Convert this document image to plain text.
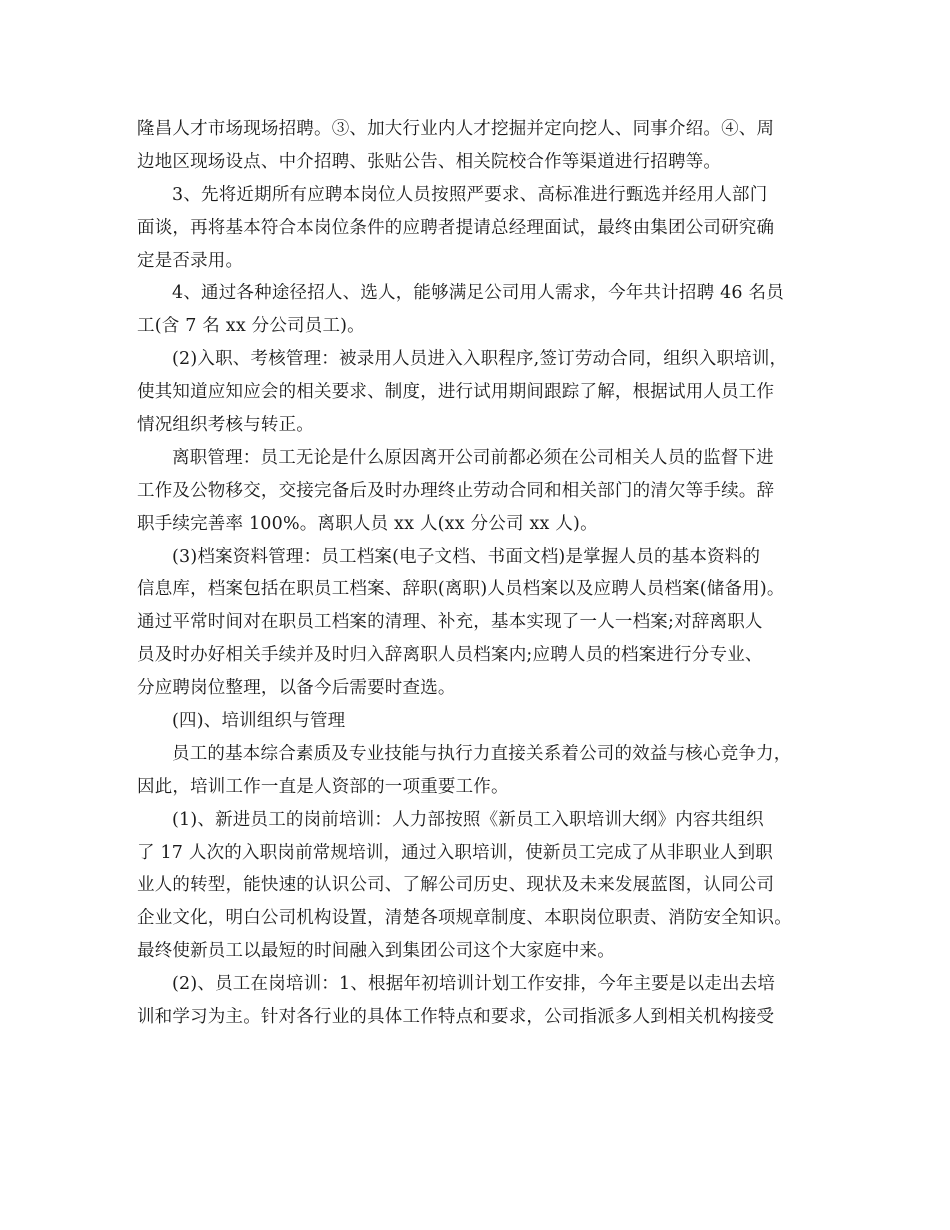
隆昌人才市场现场招聘。③、加大行业内人才挖掘并定向挖人、同事介绍。④、周
边地区现场设点、中介招聘、张贴公告、相关院校合作等渠道进行招聘等。
3、先将近期所有应聘本岗位人员按照严要求、高标准进行甄选并经用人部门
面谈，再将基本符合本岗位条件的应聘者提请总经理面试，最终由集团公司研究确
定是否录用。
4、通过各种途径招人、选人，能够满足公司用人需求，今年共计招聘 46 名员
工(含 7 名 xx 分公司员工)。
(2)入职、考核管理：被录用人员进入入职程序,签订劳动合同，组织入职培训，
使其知道应知应会的相关要求、制度，进行试用期间跟踪了解，根据试用人员工作
情况组织考核与转正。
离职管理：员工无论是什么原因离开公司前都必须在公司相关人员的监督下进
工作及公物移交，交接完备后及时办理终止劳动合同和相关部门的清欠等手续。辞
职手续完善率 100%。离职人员 xx 人(xx 分公司 xx 人)。
(3)档案资料管理：员工档案(电子文档、书面文档)是掌握人员的基本资料的
信息库，档案包括在职员工档案、辞职(离职)人员档案以及应聘人员档案(储备用)。
通过平常时间对在职员工档案的清理、补充，基本实现了一人一档案;对辞离职人
员及时办好相关手续并及时归入辞离职人员档案内;应聘人员的档案进行分专业、
分应聘岗位整理，以备今后需要时查选。
(四)、培训组织与管理
员工的基本综合素质及专业技能与执行力直接关系着公司的效益与核心竞争力，
因此，培训工作一直是人资部的一项重要工作。
(1)、新进员工的岗前培训：人力部按照《新员工入职培训大纲》内容共组织
了 17 人次的入职岗前常规培训，通过入职培训，使新员工完成了从非职业人到职
业人的转型，能快速的认识公司、了解公司历史、现状及未来发展蓝图，认同公司
企业文化，明白公司机构设置，清楚各项规章制度、本职岗位职责、消防安全知识。
最终使新员工以最短的时间融入到集团公司这个大家庭中来。
(2)、员工在岗培训：1、根据年初培训计划工作安排，今年主要是以走出去培
训和学习为主。针对各行业的具体工作特点和要求，公司指派多人到相关机构接受
